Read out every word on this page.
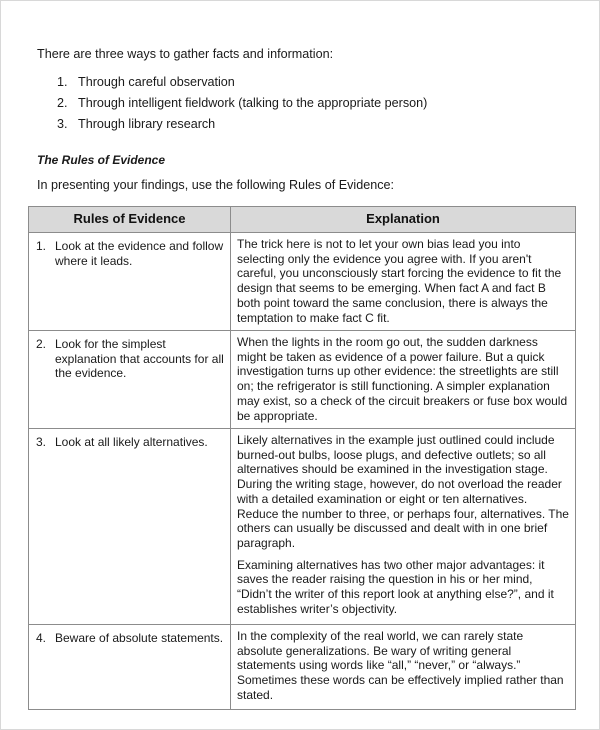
There are three ways to gather facts and information:

1. Through careful observation
2. Through intelligent fieldwork (talking to the appropriate person)
3. Through library research
The Rules of Evidence

In presenting your findings, use the following Rules of Evidence:

Rules of Evidence	Explanation

1. Look at the evidence and follow where it leads.	The trick here is not to let your own bias lead you into selecting only the evidence you agree with. If you aren't careful, you unconsciously start forcing the evidence to fit the design that seems to be emerging. When fact A and fact B both point toward the same conclusion, there is always the temptation to make fact C fit.

2. Look for the simplest explanation that accounts for all the evidence.	When the lights in the room go out, the sudden darkness might be taken as evidence of a power failure. But a quick investigation turns up other evidence: the streetlights are still on; the refrigerator is still functioning. A simpler explanation may exist, so a check of the circuit breakers or fuse box would be appropriate.

3. Look at all likely alternatives.	Likely alternatives in the example just outlined could include burned-out bulbs, loose plugs, and defective outlets; so all alternatives should be examined in the investigation stage. During the writing stage, however, do not overload the reader with a detailed examination or eight or ten alternatives. Reduce the number to three, or perhaps four, alternatives. The others can usually be discussed and dealt with in one brief paragraph.

Examining alternatives has two other major advantages: it saves the reader raising the question in his or her mind, “Didn’t the writer of this report look at anything else?”, and it establishes writer’s objectivity.

4. Beware of absolute statements.	In the complexity of the real world, we can rarely state absolute generalizations. Be wary of writing general statements using words like “all,” “never,” or “always.” Sometimes these words can be effectively implied rather than stated.
